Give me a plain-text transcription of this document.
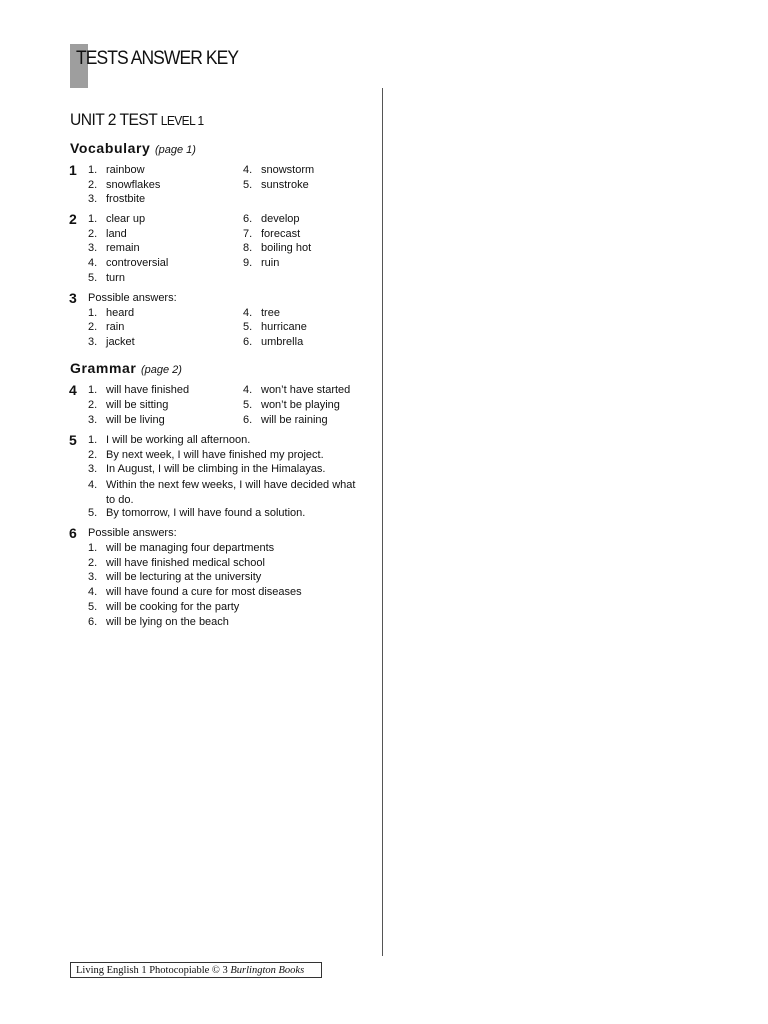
TESTS ANSWER KEY
UNIT 2 TEST LEVEL 1
Vocabulary (page 1)
1 1. rainbow
2. snowflakes
3. frostbite
4. snowstorm
5. sunstroke
2 1. clear up
2. land
3. remain
4. controversial
5. turn
6. develop
7. forecast
8. boiling hot
9. ruin
3 Possible answers:
1. heard
2. rain
3. jacket
4. tree
5. hurricane
6. umbrella
Grammar (page 2)
4 1. will have finished
2. will be sitting
3. will be living
4. won’t have started
5. won’t be playing
6. will be raining
5 1. I will be working all afternoon.
2. By next week, I will have finished my project.
3. In August, I will be climbing in the Himalayas.
4. Within the next few weeks, I will have decided what to do.
5. By tomorrow, I will have found a solution.
6 Possible answers:
1. will be managing four departments
2. will have finished medical school
3. will be lecturing at the university
4. will have found a cure for most diseases
5. will be cooking for the party
6. will be lying on the beach
Living English 1 Photocopiable © 3 Burlington Books
